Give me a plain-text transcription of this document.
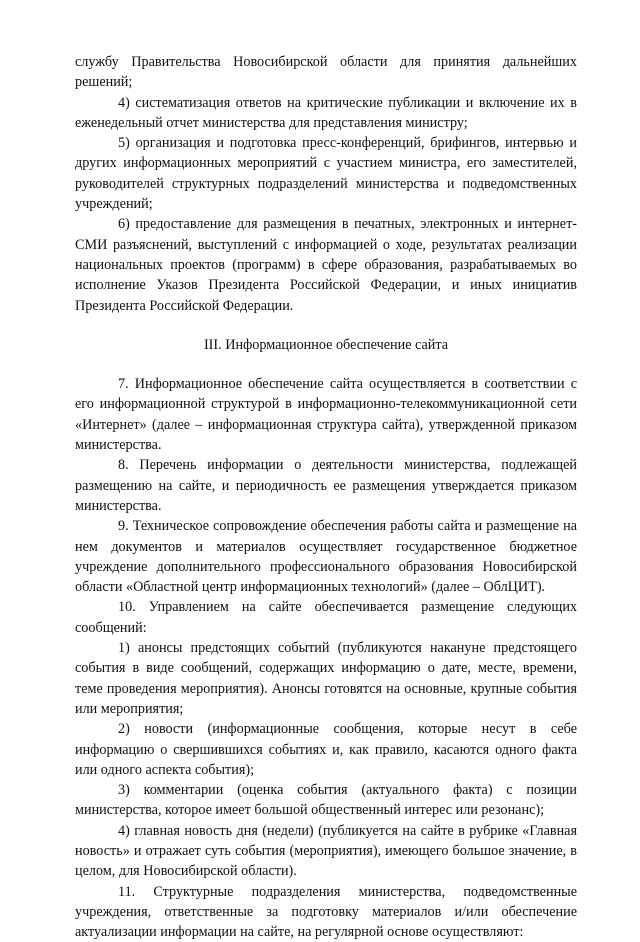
службу Правительства Новосибирской области для принятия дальнейших решений;

4) систематизация ответов на критические публикации и включение их в еженедельный отчет министерства для представления министру;

5) организация и подготовка пресс-конференций, брифингов, интервью и других информационных мероприятий с участием министра, его заместителей, руководителей структурных подразделений министерства и подведомственных учреждений;

6) предоставление для размещения в печатных, электронных и интернет-СМИ разъяснений, выступлений с информацией о ходе, результатах реализации национальных проектов (программ) в сфере образования, разрабатываемых во исполнение Указов Президента Российской Федерации, и иных инициатив Президента Российской Федерации.

III. Информационное обеспечение сайта

7. Информационное обеспечение сайта осуществляется в соответствии с его информационной структурой в информационно-телекоммуникационной сети «Интернет» (далее – информационная структура сайта), утвержденной приказом министерства.

8. Перечень информации о деятельности министерства, подлежащей размещению на сайте, и периодичность ее размещения утверждается приказом министерства.

9. Техническое сопровождение обеспечения работы сайта и размещение на нем документов и материалов осуществляет государственное бюджетное учреждение дополнительного профессионального образования Новосибирской области «Областной центр информационных технологий» (далее – ОблЦИТ).

10. Управлением на сайте обеспечивается размещение следующих сообщений:

1) анонсы предстоящих событий (публикуются накануне предстоящего события в виде сообщений, содержащих информацию о дате, месте, времени, теме проведения мероприятия). Анонсы готовятся на основные, крупные события или мероприятия;

2) новости (информационные сообщения, которые несут в себе информацию о свершившихся событиях и, как правило, касаются одного факта или одного аспекта события);

3) комментарии (оценка события (актуального факта) с позиции министерства, которое имеет большой общественный интерес или резонанс);

4) главная новость дня (недели) (публикуется на сайте в рубрике «Главная новость» и отражает суть события (мероприятия), имеющего большое значение, в целом, для Новосибирской области).

11. Структурные подразделения министерства, подведомственные учреждения, ответственные за подготовку материалов и/или обеспечение актуализации информации на сайте, на регулярной основе осуществляют:
